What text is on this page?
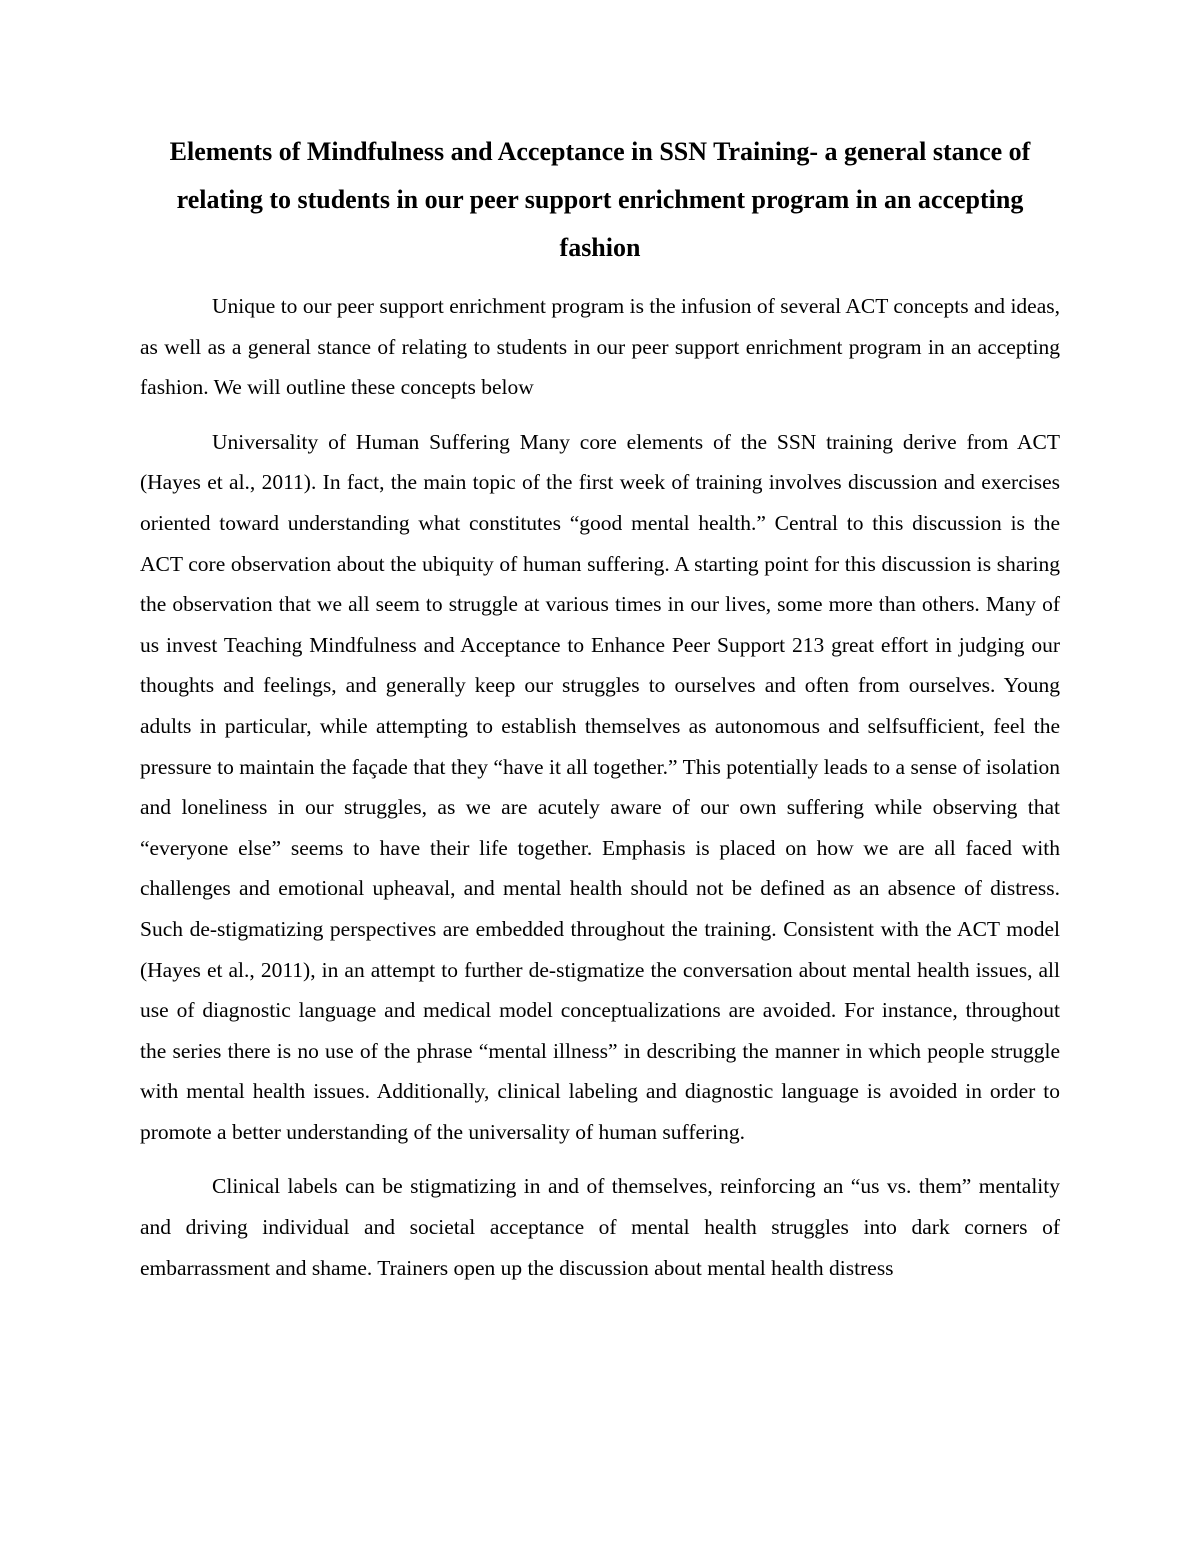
Elements of Mindfulness and Acceptance in SSN Training- a general stance of relating to students in our peer support enrichment program in an accepting fashion

Unique to our peer support enrichment program is the infusion of several ACT concepts and ideas, as well as a general stance of relating to students in our peer support enrichment program in an accepting fashion. We will outline these concepts below

Universality of Human Suffering Many core elements of the SSN training derive from ACT (Hayes et al., 2011). In fact, the main topic of the first week of training involves discussion and exercises oriented toward understanding what constitutes “good mental health.” Central to this discussion is the ACT core observation about the ubiquity of human suffering. A starting point for this discussion is sharing the observation that we all seem to struggle at various times in our lives, some more than others. Many of us invest Teaching Mindfulness and Acceptance to Enhance Peer Support 213 great effort in judging our thoughts and feelings, and generally keep our struggles to ourselves and often from ourselves. Young adults in particular, while attempting to establish themselves as autonomous and selfsufficient, feel the pressure to maintain the façade that they “have it all together.” This potentially leads to a sense of isolation and loneliness in our struggles, as we are acutely aware of our own suffering while observing that “everyone else” seems to have their life together. Emphasis is placed on how we are all faced with challenges and emotional upheaval, and mental health should not be defined as an absence of distress. Such de-stigmatizing perspectives are embedded throughout the training. Consistent with the ACT model (Hayes et al., 2011), in an attempt to further de-stigmatize the conversation about mental health issues, all use of diagnostic language and medical model conceptualizations are avoided. For instance, throughout the series there is no use of the phrase “mental illness” in describing the manner in which people struggle with mental health issues. Additionally, clinical labeling and diagnostic language is avoided in order to promote a better understanding of the universality of human suffering.

Clinical labels can be stigmatizing in and of themselves, reinforcing an “us vs. them” mentality and driving individual and societal acceptance of mental health struggles into dark corners of embarrassment and shame. Trainers open up the discussion about mental health distress
